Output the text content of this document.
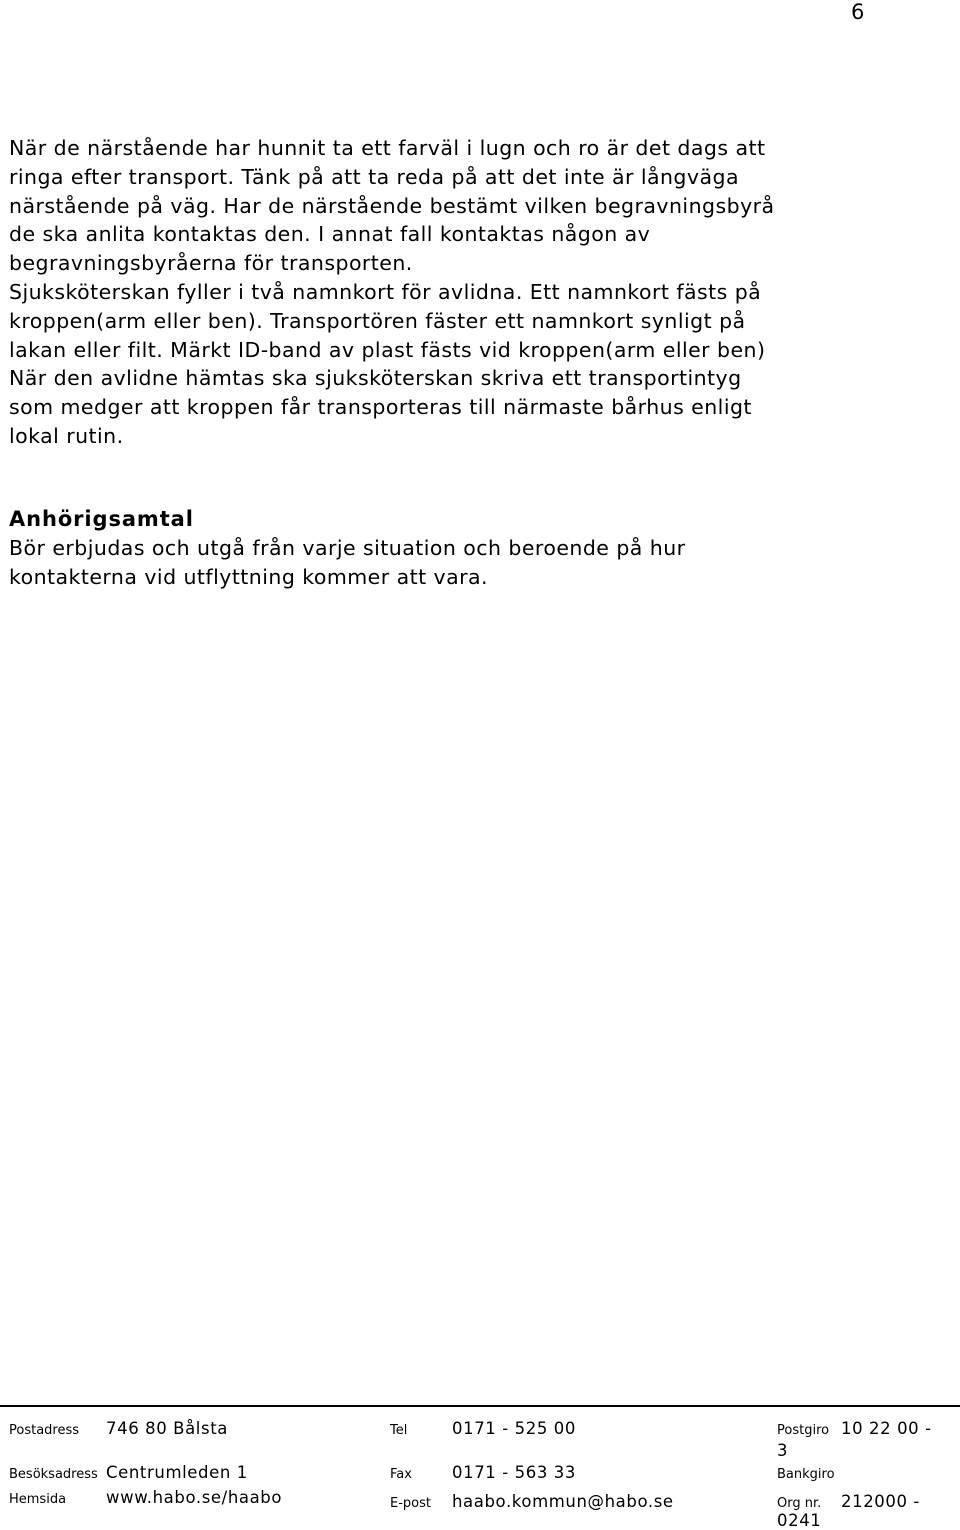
6
När de närstående har hunnit ta ett farväl i lugn och ro är det dags att
ringa efter transport. Tänk på att ta reda på att det inte är långväga
närstående på väg. Har de närstående bestämt vilken begravningsbyrå
de ska anlita kontaktas den. I annat fall kontaktas någon av
begravningsbyråerna för transporten.
Sjuksköterskan fyller i två namnkort för avlidna. Ett namnkort fästs på
kroppen(arm eller ben). Transportören fäster ett namnkort synligt på
lakan eller filt. Märkt ID-band av plast fästs vid kroppen(arm eller ben)
När den avlidne hämtas ska sjuksköterskan skriva ett transportintyg
som medger att kroppen får transporteras till närmaste bårhus enligt
lokal rutin.
Anhörigsamtal
Bör erbjudas och utgå från varje situation och beroende på hur
kontakterna vid utflyttning kommer att vara.
Postadress 746 80 Bålsta
Besöksadress Centrumleden 1
Hemsida www.habo.se/haabo
Tel	0171 - 525 00
Fax 0171 - 563 33
E-post haabo.kommun@habo.se
Postgiro 10 22 00 -
3
Bankgiro
Org nr. 212000 -
0241
